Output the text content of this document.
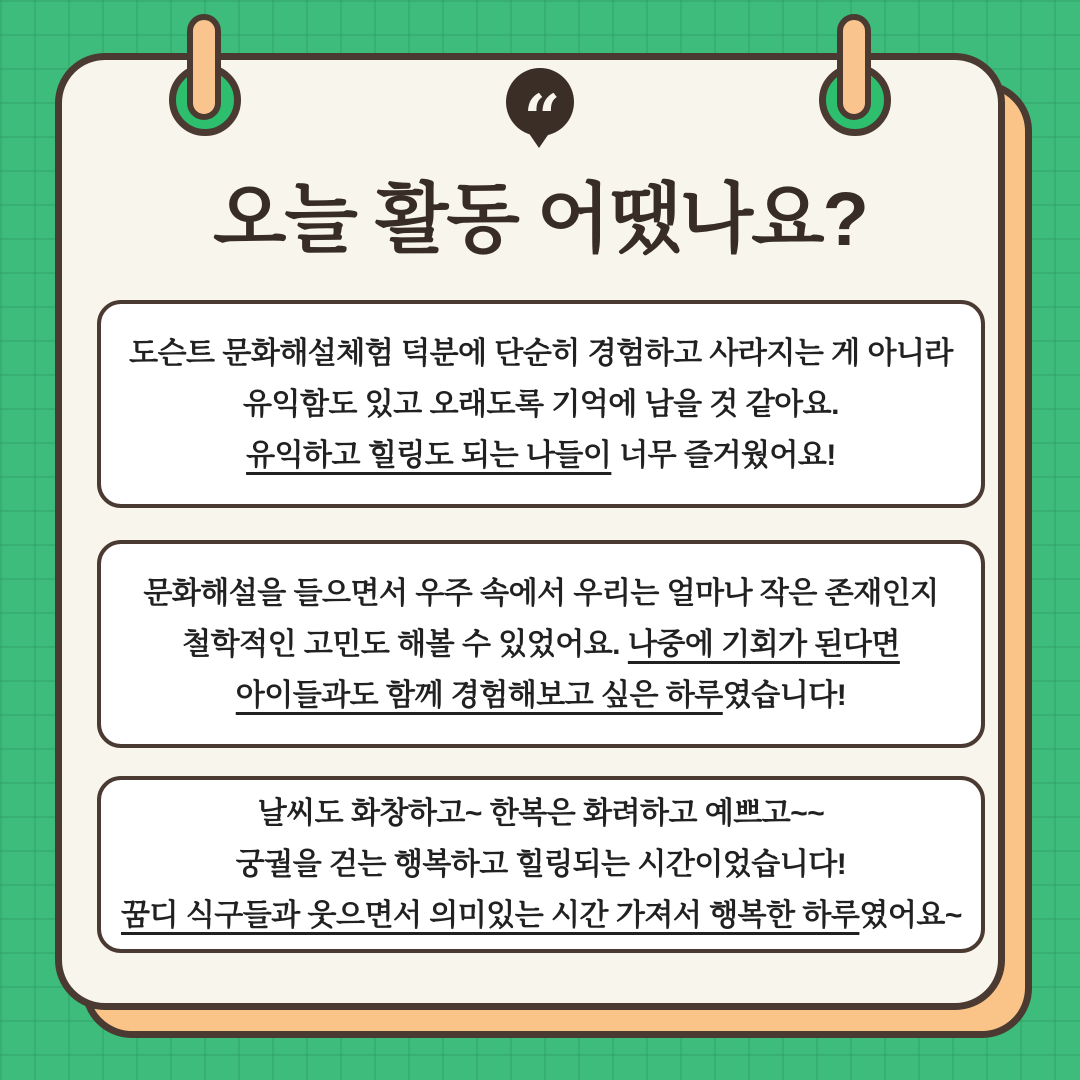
“
오늘 활동 어땠나요?

도슨트 문화해설체험 덕분에 단순히 경험하고 사라지는 게 아니라

유익함도 있고 오래도록 기억에 남을 것 같아요.

유익하고 힐링도 되는 나들이 너무 즐거웠어요!

문화해설을 들으면서 우주 속에서 우리는 얼마나 작은 존재인지

철학적인 고민도 해볼 수 있었어요. 나중에 기회가 된다면

아이들과도 함께 경험해보고 싶은 하루였습니다!

날씨도 화창하고~ 한복은 화려하고 예쁘고~~

궁궐을 걷는 행복하고 힐링되는 시간이었습니다!

꿈디 식구들과 웃으면서 의미있는 시간 가져서 행복한 하루였어요~
